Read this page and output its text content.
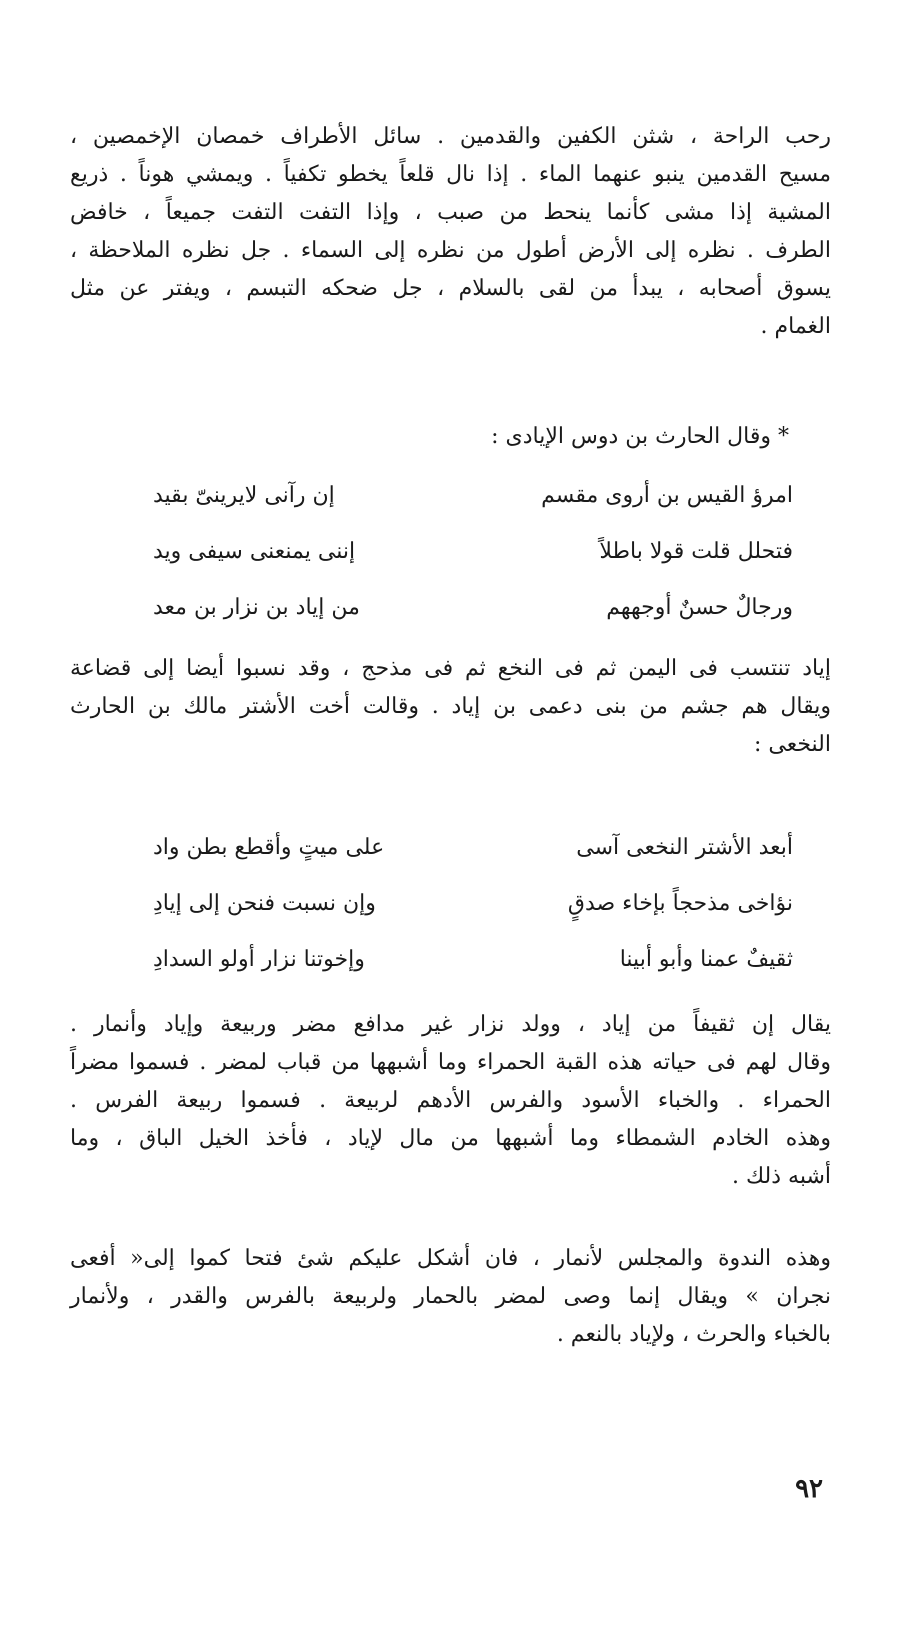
رحب الراحة ، شثن الكفين والقدمين . سائل الأطراف خمصان الإخمصين ،
مسيح القدمين ينبو عنهما الماء . إذا نال قلعاً يخطو تكفياً . ويمشي هوناً . ذريع
المشية إذا مشى كأنما ينحط من صبب ، وإذا التفت التفت جميعاً ، خافض
الطرف . نظره إلى الأرض أطول من نظره إلى السماء . جل نظره الملاحظة ،
يسوق أصحابه ، يبدأ من لقى بالسلام ، جل ضحكه التبسم ، ويفتر عن مثل
الغمام .
* وقال الحارث بن دوس الإيادى :
امرؤ القيس بن أروى مقسم
إن رآنى لايرينىّ بقيد
فتحلل قلت قولا باطلاً
إننى يمنعنى سيفى ويد
ورجالٌ حسنٌ أوجههم
من إياد بن نزار بن معد
إياد تنتسب فى اليمن ثم فى النخع ثم فى مذحج ، وقد نسبوا أيضا إلى قضاعة
ويقال هم جشم من بنى دعمى بن إياد . وقالت أخت الأشتر مالك بن الحارث
النخعى :
أبعد الأشتر النخعى آسى
على ميتٍ وأقطع بطن واد
نؤاخى مذحجاً بإخاء صدقٍ
وإن نسبت فنحن إلى إيادِ
ثقيفٌ عمنا وأبو أبينا
وإخوتنا نزار أولو السدادِ
يقال إن ثقيفاً من إياد ، وولد نزار غير مدافع مضر وربيعة وإياد وأنمار .
وقال لهم فى حياته هذه القبة الحمراء وما أشبهها من قباب لمضر . فسموا مضراً
الحمراء . والخباء الأسود والفرس الأدهم لربيعة . فسموا ربيعة الفرس .
وهذه الخادم الشمطاء وما أشبهها من مال لإياد ، فأخذ الخيل الباق ، وما
أشبه ذلك .
وهذه الندوة والمجلس لأنمار ، فان أشكل عليكم شئ فتحا كموا إلى« أفعى
نجران » ويقال إنما وصى لمضر بالحمار ولربيعة بالفرس والقدر ، ولأنمار
بالخباء والحرث ، ولإياد بالنعم .
٩٢
